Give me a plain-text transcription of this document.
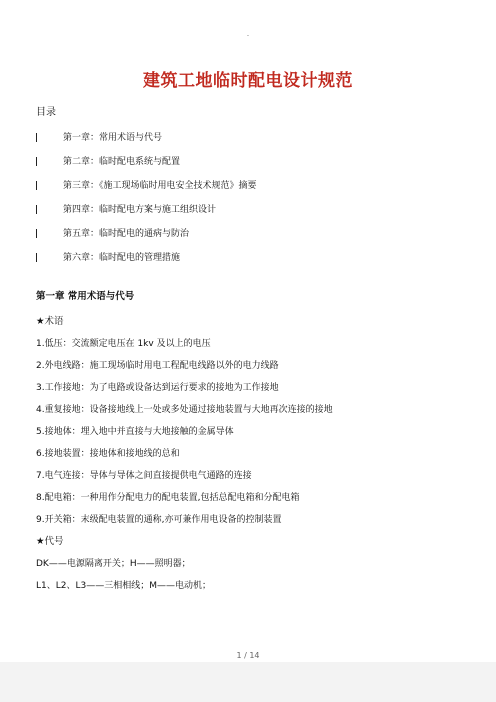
.
建筑工地临时配电设计规范
目录
第一章：常用术语与代号
第二章：临时配电系统与配置
第三章：《施工现场临时用电安全技术规范》摘要
第四章：临时配电方案与施工组织设计
第五章：临时配电的通病与防治
第六章：临时配电的管理措施
第一章 常用术语与代号
★术语
1.低压：交流额定电压在 1kv 及以上的电压
2.外电线路：施工现场临时用电工程配电线路以外的电力线路
3.工作接地：为了电路或设备达到运行要求的接地为工作接地
4.重复接地：设备接地线上一处或多处通过接地装置与大地再次连接的接地
5.接地体：埋入地中并直接与大地接触的金属导体
6.接地装置：接地体和接地线的总和
7.电气连接：导体与导体之间直接提供电气通路的连接
8.配电箱：一种用作分配电力的配电装置,包括总配电箱和分配电箱
9.开关箱：末级配电装置的通称,亦可兼作用电设备的控制装置
★代号
DK——电源隔离开关；H——照明器；
L1、L2、L3——三相相线；M——电动机；
1 / 14
